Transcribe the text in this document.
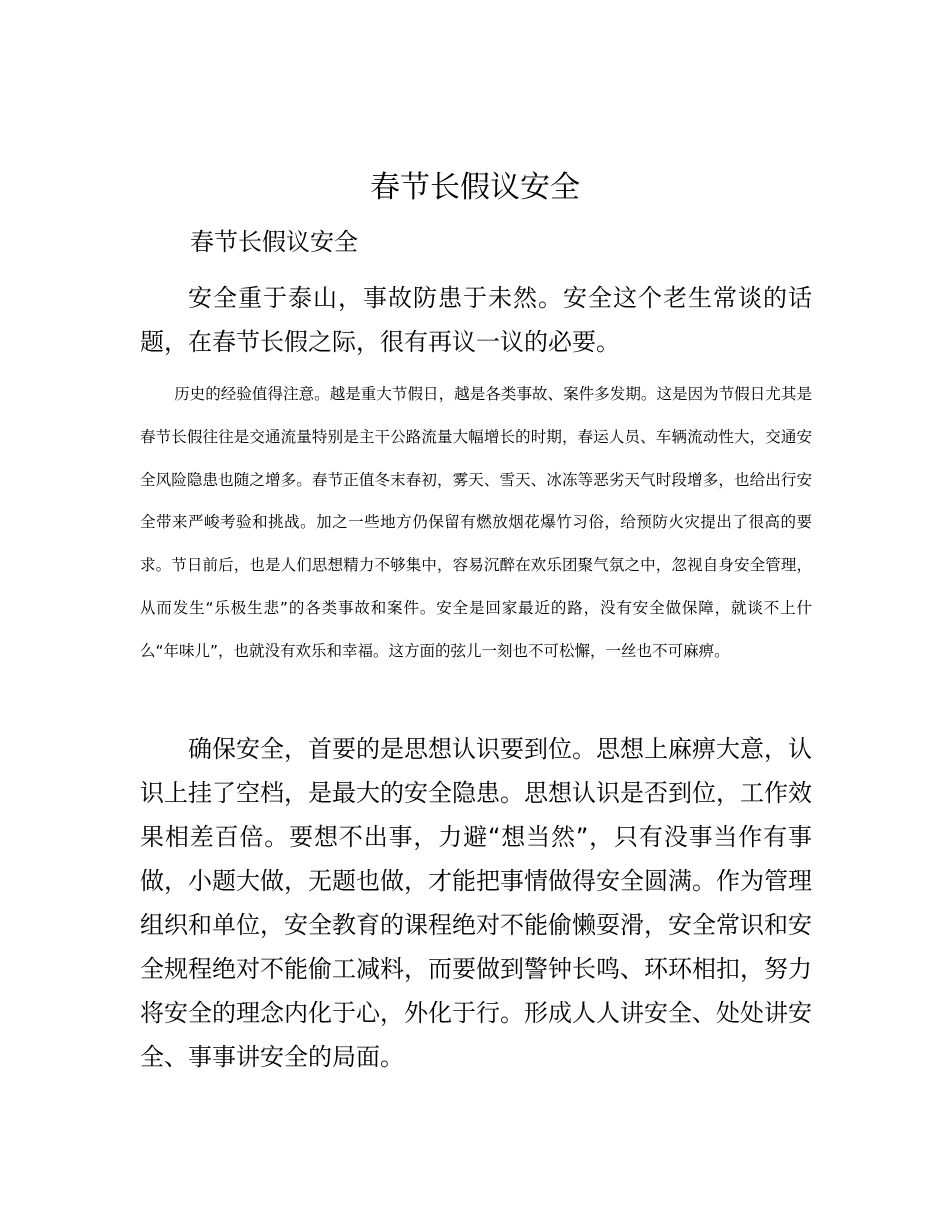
春节长假议安全

春节长假议安全

安全重于泰山，事故防患于未然。安全这个老生常谈的话题，在春节长假之际，很有再议一议的必要。

历史的经验值得注意。越是重大节假日，越是各类事故、案件多发期。这是因为节假日尤其是春节长假往往是交通流量特别是主干公路流量大幅增长的时期，春运人员、车辆流动性大，交通安全风险隐患也随之增多。春节正值冬末春初，雾天、雪天、冰冻等恶劣天气时段增多，也给出行安全带来严峻考验和挑战。加之一些地方仍保留有燃放烟花爆竹习俗，给预防火灾提出了很高的要求。节日前后，也是人们思想精力不够集中，容易沉醉在欢乐团聚气氛之中，忽视自身安全管理，从而发生“乐极生悲”的各类事故和案件。安全是回家最近的路，没有安全做保障，就谈不上什么“年味儿”，也就没有欢乐和幸福。这方面的弦儿一刻也不可松懈，一丝也不可麻痹。

确保安全，首要的是思想认识要到位。思想上麻痹大意，认识上挂了空档，是最大的安全隐患。思想认识是否到位，工作效果相差百倍。要想不出事，力避“想当然”，只有没事当作有事做，小题大做，无题也做，才能把事情做得安全圆满。作为管理组织和单位，安全教育的课程绝对不能偷懒耍滑，安全常识和安全规程绝对不能偷工减料，而要做到警钟长鸣、环环相扣，努力将安全的理念内化于心，外化于行。形成人人讲安全、处处讲安全、事事讲安全的局面。
